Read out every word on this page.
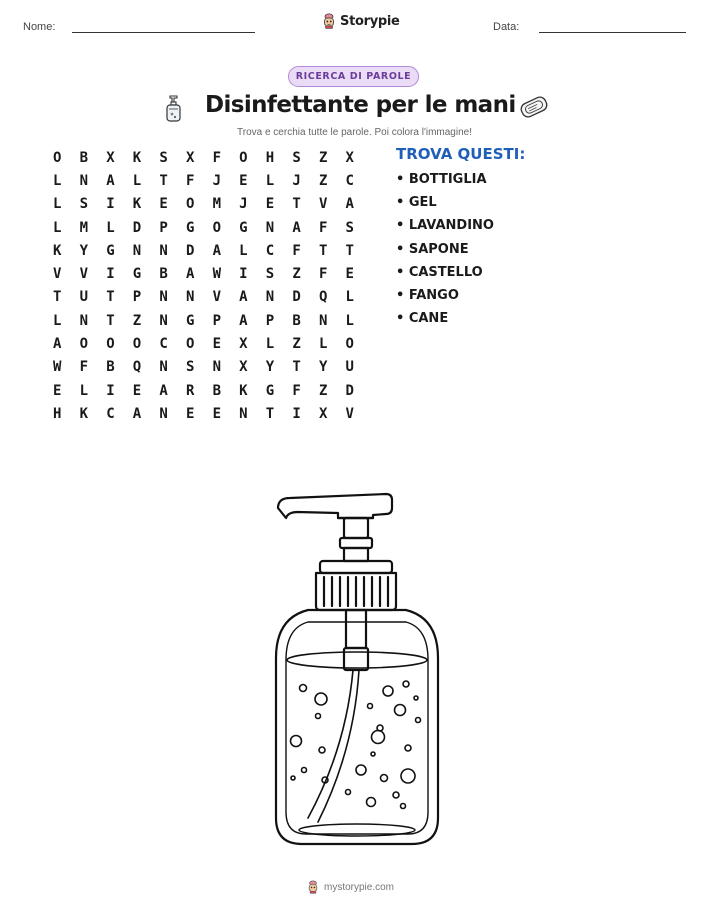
Nome:	Storypie	Data:
RICERCA DI PAROLE
Disinfettante per le mani
Trova e cerchia tutte le parole. Poi colora l'immagine!
O	B	X	K	S	X	F	O	H	S	Z	X
L	N	A	L	T	F	J	E	L	J	Z	C
L	S	I	K	E	O	M	J	E	T	V	A
L	M	L	D	P	G	O	G	N	A	F	S
K	Y	G	N	N	D	A	L	C	F	T	T
V	V	I	G	B	A	W	I	S	Z	F	E
T	U	T	P	N	N	V	A	N	D	Q	L
L	N	T	Z	N	G	P	A	P	B	N	L
A	O	O	O	C	O	E	X	L	Z	L	O
W	F	B	Q	N	S	N	X	Y	T	Y	U
E	L	I	E	A	R	B	K	G	F	Z	D
H	K	C	A	N	E	E	N	T	I	X	V
TROVA QUESTI:
• BOTTIGLIA
• GEL
• LAVANDINO
• SAPONE
• CASTELLO
• FANGO
• CANE
mystorypie.com
